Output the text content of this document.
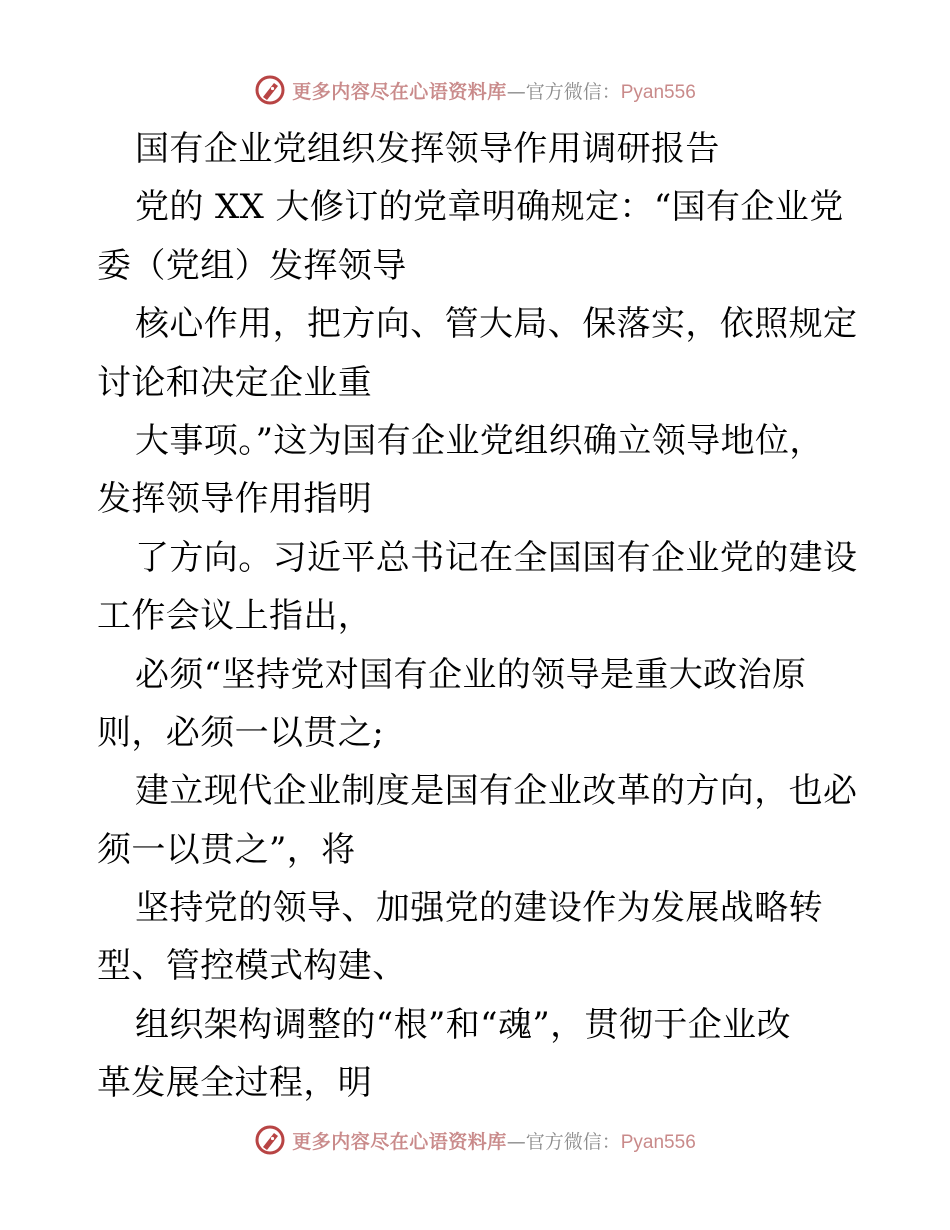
更多内容尽在心语资料库 — 官方微信： Pyan556
国有企业党组织发挥领导作用调研报告
党的 XX 大修订的党章明确规定：“国有企业党
委（党组）发挥领导
核心作用，把方向、管大局、保落实，依照规定
讨论和决定企业重
大事项。”这为国有企业党组织确立领导地位，
发挥领导作用指明
了方向。习近平总书记在全国国有企业党的建设
工作会议上指出，
必须“坚持党对国有企业的领导是重大政治原
则，必须一以贯之;
建立现代企业制度是国有企业改革的方向，也必
须一以贯之”，将
坚持党的领导、加强党的建设作为发展战略转
型、管控模式构建、
组织架构调整的“根”和“魂”，贯彻于企业改
革发展全过程，明
更多内容尽在心语资料库 — 官方微信： Pyan556
